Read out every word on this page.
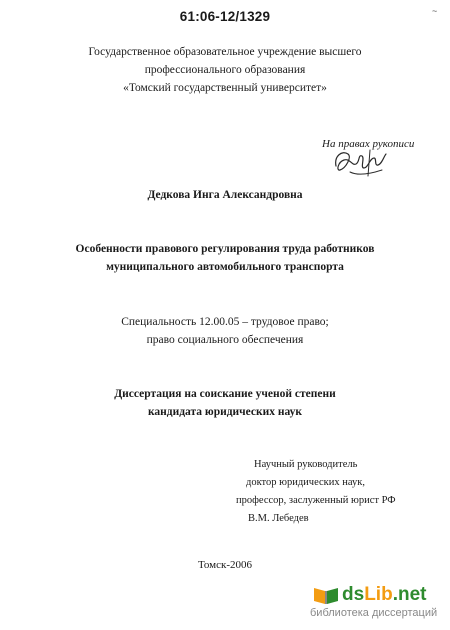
61:06-12/1329	~
Государственное образовательное учреждение высшего
профессионального образования
«Томский государственный университет»
На правах рукописи
Дедкова Инга Александровна
Особенности правового регулирования труда работников
муниципального автомобильного транспорта
Специальность 12.00.05 – трудовое право;
право социального обеспечения
Диссертация на соискание ученой степени
кандидата юридических наук
Научный руководитель
доктор юридических наук,
профессор, заслуженный юрист РФ
В.М. Лебедев
Томск-2006
dsLib.net
библиотека диссертаций
